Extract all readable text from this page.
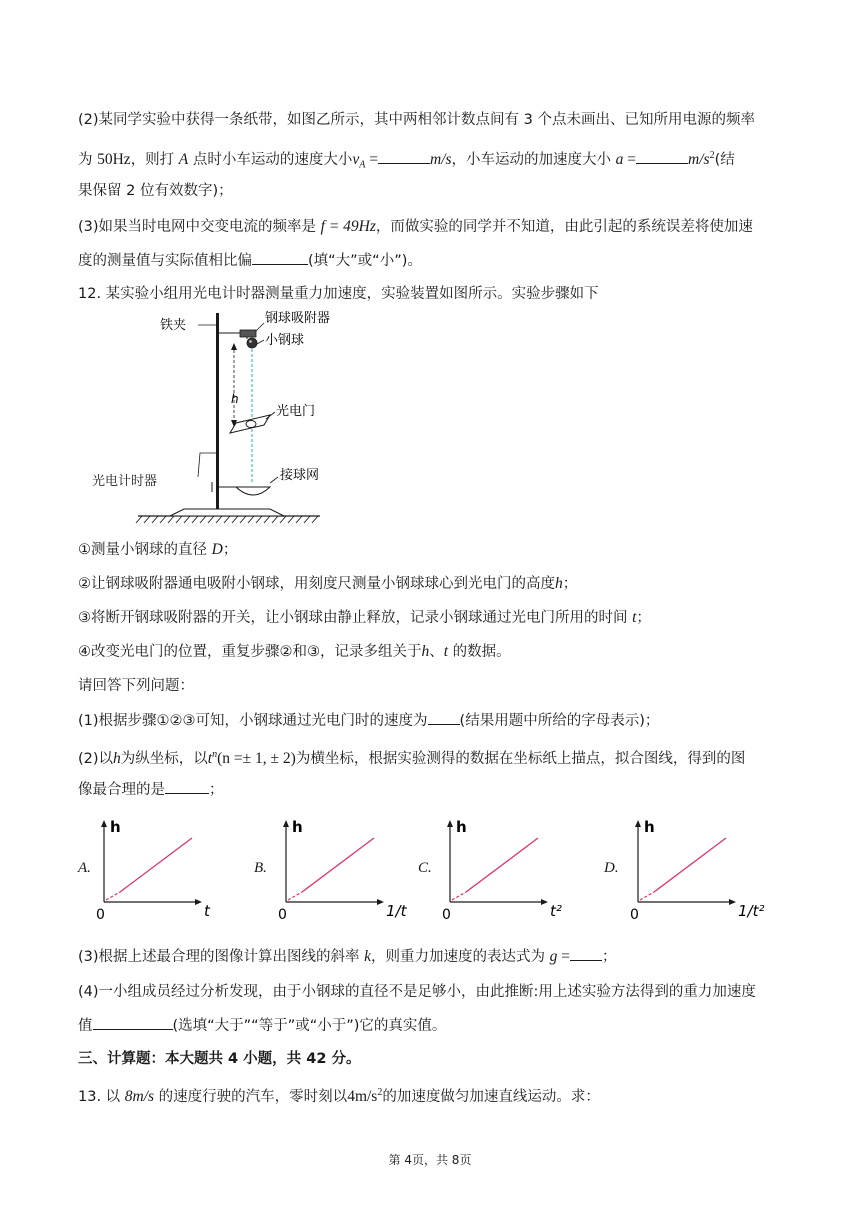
(2)某同学实验中获得一条纸带，如图乙所示，其中两相邻计数点间有 3 个点未画出、已知所用电源的频率
为 50Hz，则打 A 点时小车运动的速度大小$v_A$ =	m/s，小车运动的加速度大小 a =	$m/s^2$(结
果保留 2 位有效数字)；
(3)如果当时电网中交变电流的频率是 f = 49Hz，而做实验的同学并不知道，由此引起的系统误差将使加速
度的测量值与实际值相比偏	(填“大”或“小”)。
12. 某实验小组用光电计时器测量重力加速度，实验装置如图所示。实验步骤如下
h
铁夹	钢球吸附器
小钢球
光电门
接球网
光电计时器
①测量小钢球的直径 D；
②让钢球吸附器通电吸附小钢球，用刻度尺测量小钢球球心到光电门的高度h；
③将断开钢球吸附器的开关，让小钢球由静止释放，记录小钢球通过光电门所用的时间 t；
④改变光电门的位置，重复步骤②和③，记录多组关于h、t 的数据。
请回答下列问题：
(1)根据步骤①②③可知，小钢球通过光电门时的速度为 (结果用题中所给的字母表示)；
(2)以h为纵坐标，以$t^n(n =\pm 1$, ± 2)为横坐标，根据实验测得的数据在坐标纸上描点，拟合图线，得到的图
像最合理的是	；
A.
h
0	t
B.
h
0	1/t
C.
h
0	t²
D.
h
0	1/t²
(3)根据上述最合理的图像计算出图线的斜率 k，则重力加速度的表达式为 g = ；
(4)一小组成员经过分析发现，由于小钢球的直径不是足够小，由此推断:用上述实验方法得到的重力加速度
值	(选填“大于”“等于”或“小于”)它的真实值。
三、计算题：本大题共 4 小题，共 42 分。
13. 以 8m/s 的速度行驶的汽车，零时刻以$4m/s^2$的加速度做匀加速直线运动。求：
第 4页，共 8页
